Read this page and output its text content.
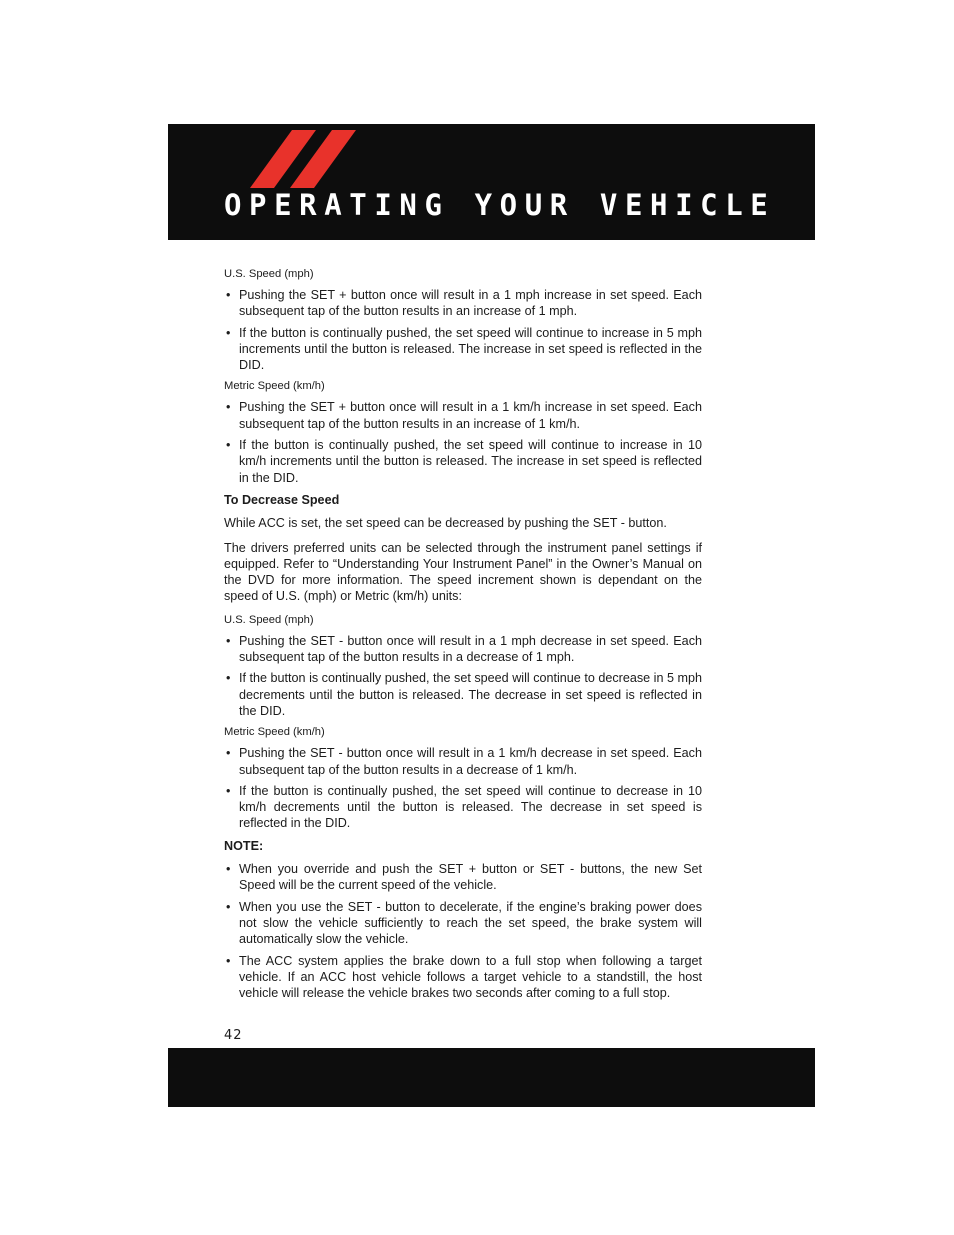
OPERATING YOUR VEHICLE
U.S. Speed (mph)
• Pushing the SET + button once will result in a 1 mph increase in set speed. Each subsequent tap of the button results in an increase of 1 mph.
• If the button is continually pushed, the set speed will continue to increase in 5 mph increments until the button is released. The increase in set speed is reflected in the DID.
Metric Speed (km/h)
• Pushing the SET + button once will result in a 1 km/h increase in set speed. Each subsequent tap of the button results in an increase of 1 km/h.
• If the button is continually pushed, the set speed will continue to increase in 10 km/h increments until the button is released. The increase in set speed is reflected in the DID.
To Decrease Speed
While ACC is set, the set speed can be decreased by pushing the SET - button.
The drivers preferred units can be selected through the instrument panel settings if equipped. Refer to “Understanding Your Instrument Panel” in the Owner’s Manual on the DVD for more information. The speed increment shown is dependant on the speed of U.S. (mph) or Metric (km/h) units:
U.S. Speed (mph)
• Pushing the SET - button once will result in a 1 mph decrease in set speed. Each subsequent tap of the button results in a decrease of 1 mph.
• If the button is continually pushed, the set speed will continue to decrease in 5 mph decrements until the button is released. The decrease in set speed is reflected in the DID.
Metric Speed (km/h)
• Pushing the SET - button once will result in a 1 km/h decrease in set speed. Each subsequent tap of the button results in a decrease of 1 km/h.
• If the button is continually pushed, the set speed will continue to decrease in 10 km/h decrements until the button is released. The decrease in set speed is reflected in the DID.
NOTE:
• When you override and push the SET + button or SET - buttons, the new Set Speed will be the current speed of the vehicle.
• When you use the SET - button to decelerate, if the engine’s braking power does not slow the vehicle sufficiently to reach the set speed, the brake system will automatically slow the vehicle.
• The ACC system applies the brake down to a full stop when following a target vehicle. If an ACC host vehicle follows a target vehicle to a standstill, the host vehicle will release the vehicle brakes two seconds after coming to a full stop.
42
